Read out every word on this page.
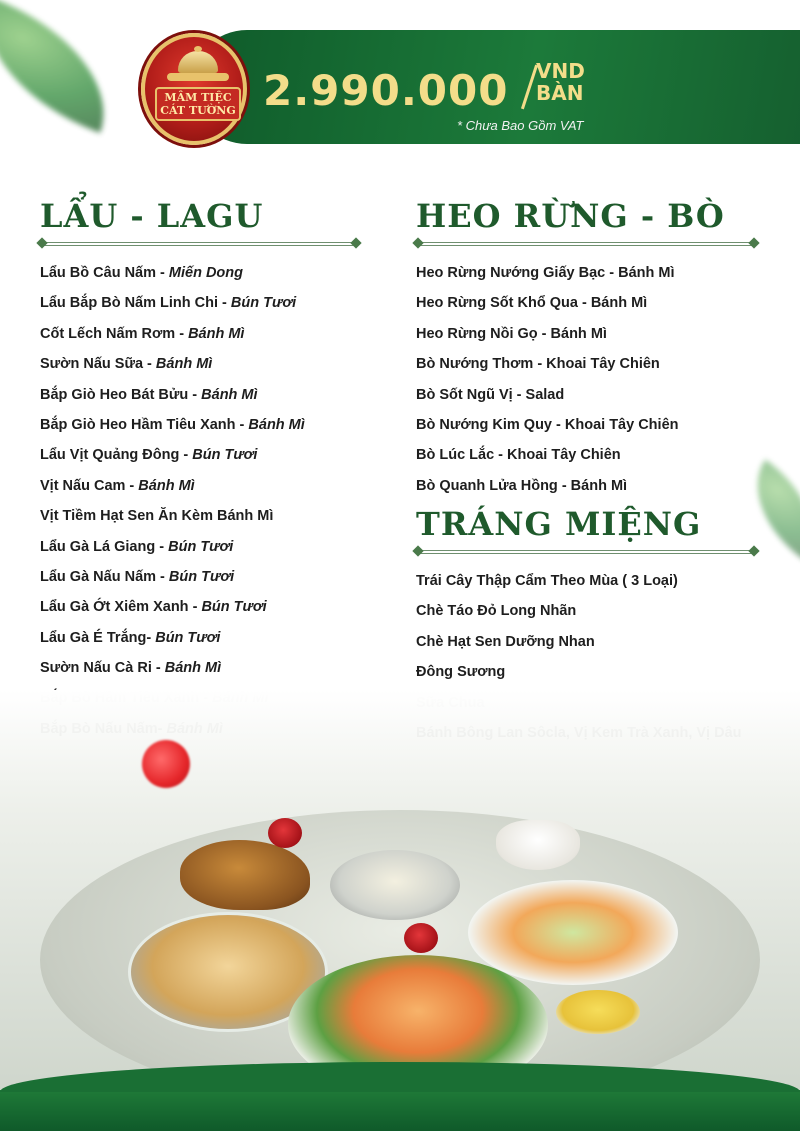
MÂM TIỆC
CÁT TƯỜNG 2.990.000 VND
BÀN
* Chưa Bao Gồm VAT
LẨU - LAGU
Lẩu Bồ Câu Nấm - Miến Dong
Lẩu Bắp Bò Nấm Linh Chi - Bún Tươi
Cốt Lếch Nấm Rơm - Bánh Mì
Sườn Nấu Sữa - Bánh Mì
Bắp Giò Heo Bát Bửu - Bánh Mì
Bắp Giò Heo Hầm Tiêu Xanh - Bánh Mì
Lẩu Vịt Quảng Đông - Bún Tươi
Vịt Nấu Cam - Bánh Mì
Vịt Tiềm Hạt Sen Ăn Kèm Bánh Mì
Lẩu Gà Lá Giang - Bún Tươi
Lẩu Gà Nấu Nấm - Bún Tươi
Lẩu Gà Ớt Xiêm Xanh - Bún Tươi
Lẩu Gà É Trắng- Bún Tươi
Sườn Nấu Cà Ri - Bánh Mì
HEO RỪNG - BÒ
Heo Rừng Nướng Giấy Bạc - Bánh Mì
Heo Rừng Sốt Khổ Qua - Bánh Mì
Heo Rừng Nồi Gọ - Bánh Mì
Bò Nướng Thơm - Khoai Tây Chiên
Bò Sốt Ngũ Vị - Salad
Bò Nướng Kim Quy - Khoai Tây Chiên
Bò Lúc Lắc - Khoai Tây Chiên
Bò Quanh Lửa Hồng - Bánh Mì
TRÁNG MIỆNG
Trái Cây Thập Cẩm Theo Mùa ( 3 Loại)
Chè Táo Đỏ Long Nhãn
Chè Hạt Sen Dưỡng Nhan
Đông Sương
